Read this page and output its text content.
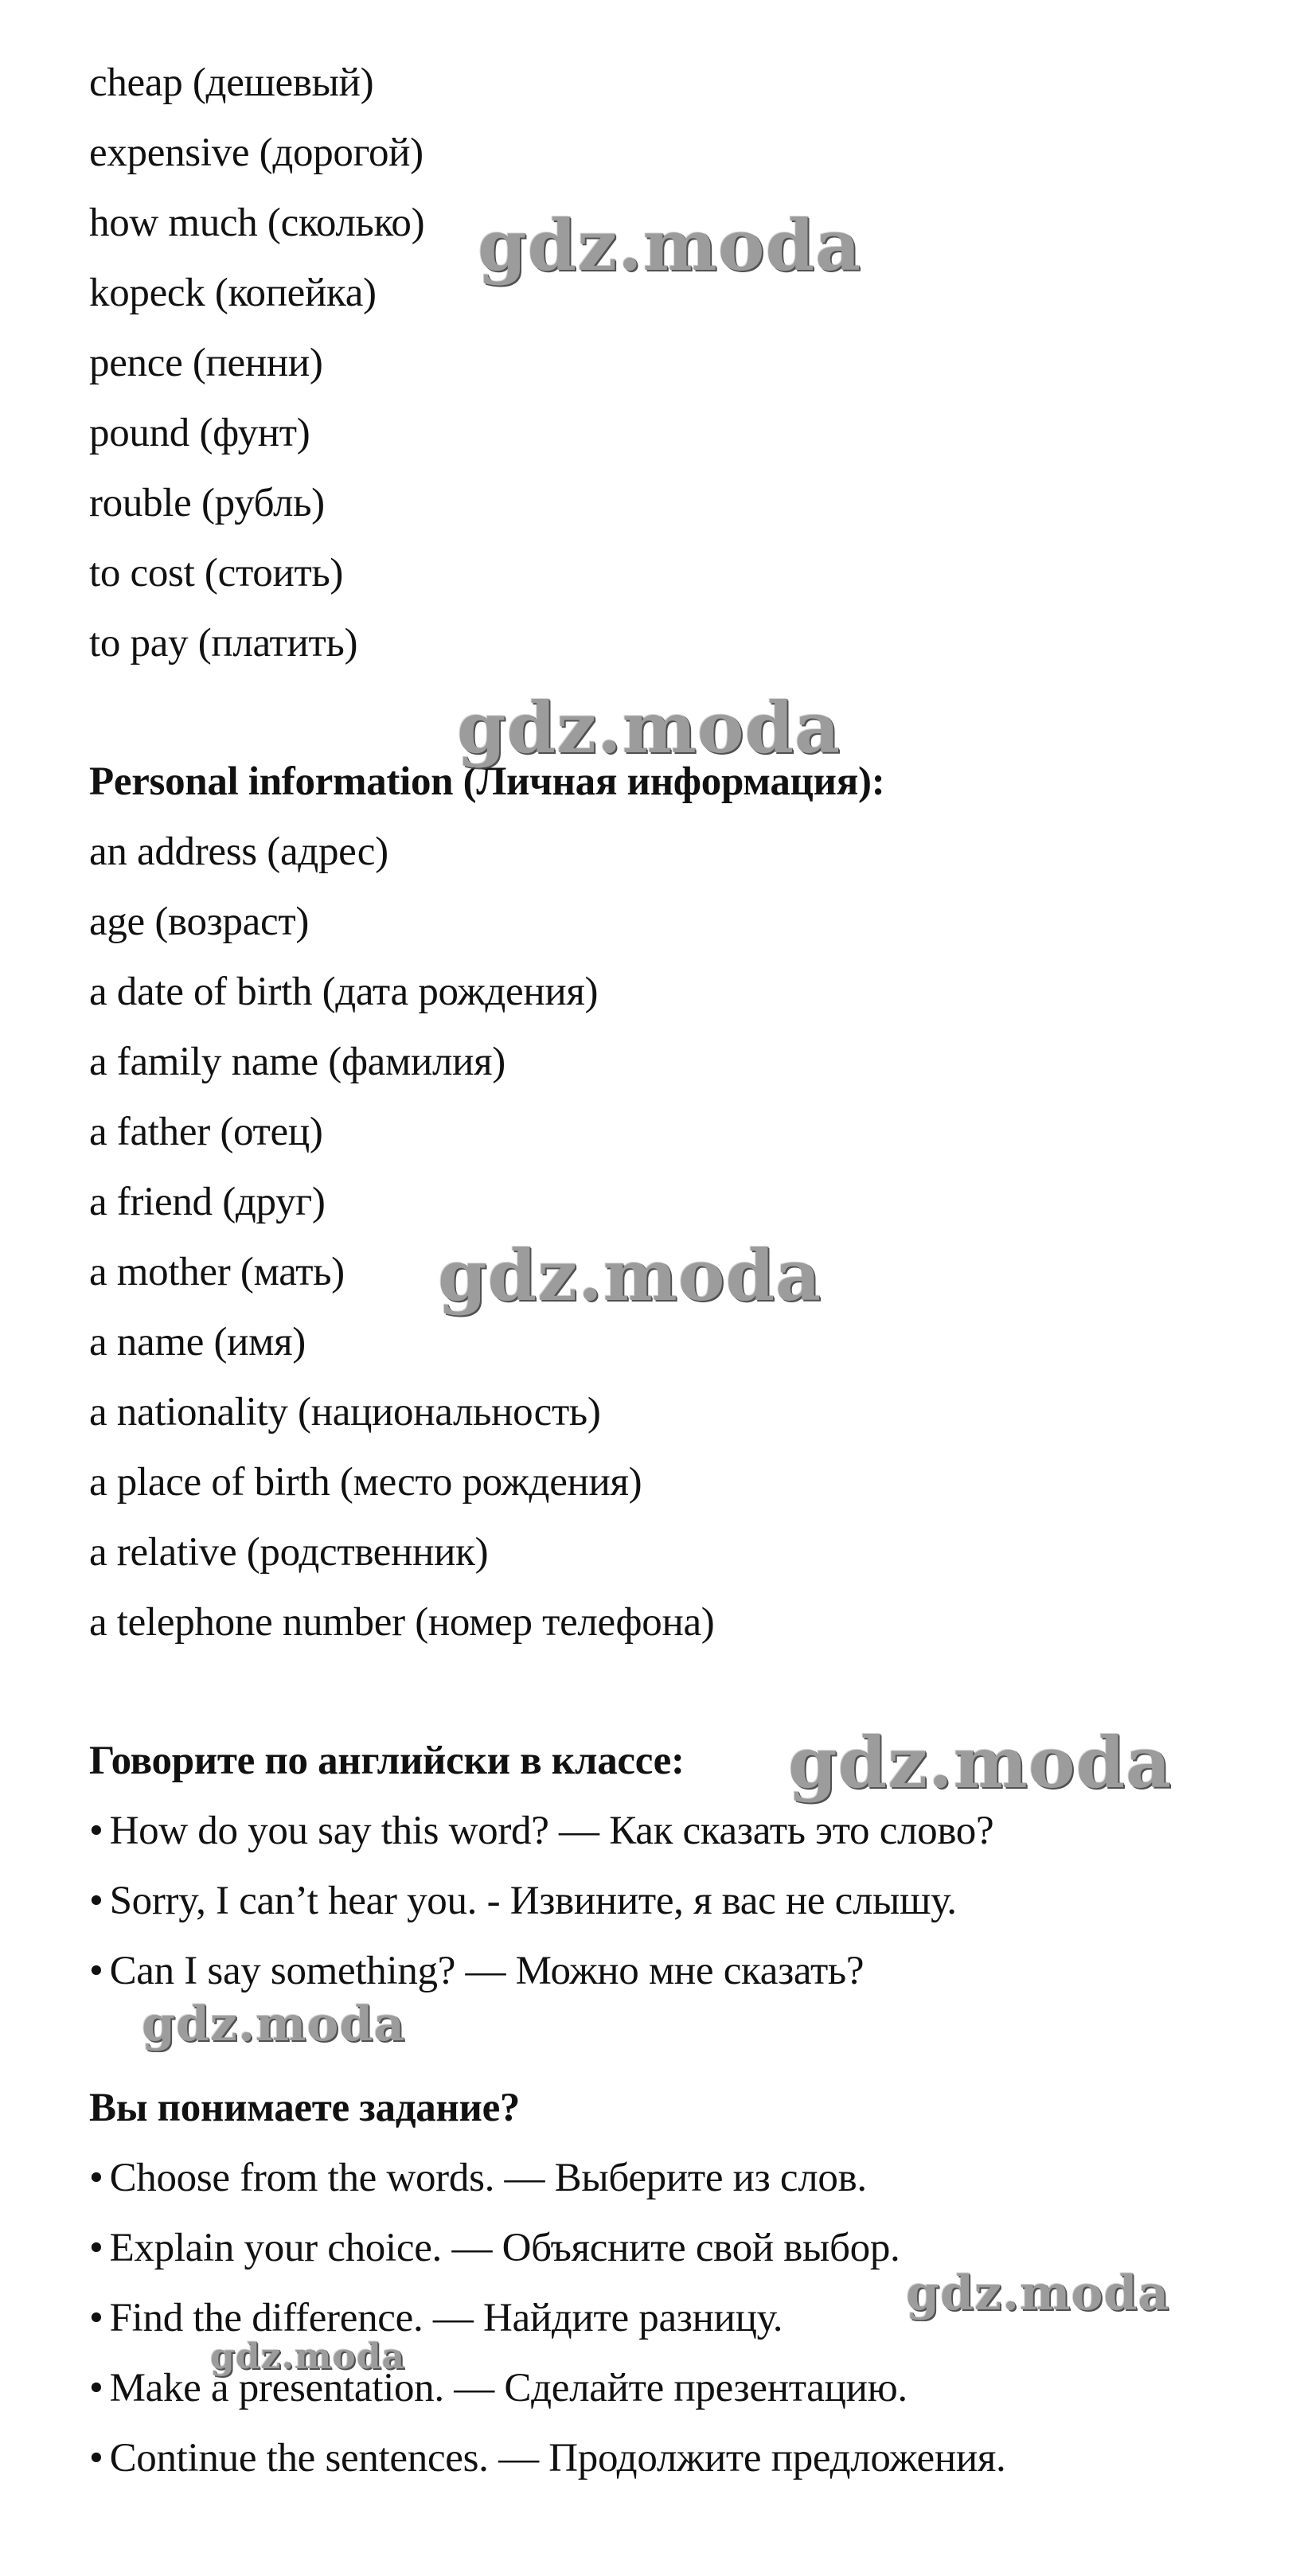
cheap (дешевый)
expensive (дорогой)
how much (сколько)
kopeck (копейка)
pence (пенни)
pound (фунт)
rouble (рубль)
to cost (стоить)
to pay (платить)
Personal information (Личная информация):
an address (адрес)
age (возраст)
a date of birth (дата рождения)
a family name (фамилия)
a father (отец)
a friend (друг)
a mother (мать)
a name (имя)
a nationality (национальность)
a place of birth (место рождения)
a relative (родственник)
a telephone number (номер телефона)
Говорите по английски в классе:
• How do you say this word? — Как сказать это слово?
• Sorry, I can’t hear you. - Извините, я вас не слышу.
• Can I say something? — Можно мне сказать?
Вы понимаете задание?
• Choose from the words. — Выберите из слов.
• Explain your choice. — Объясните свой выбор.
• Find the difference. — Найдите разницу.
• Make a presentation. — Сделайте презентацию.
• Continue the sentences. — Продолжите предложения.
gdz.moda
gdz.moda
gdz.moda
gdz.moda
gdz.moda
gdz.moda
gdz.moda
